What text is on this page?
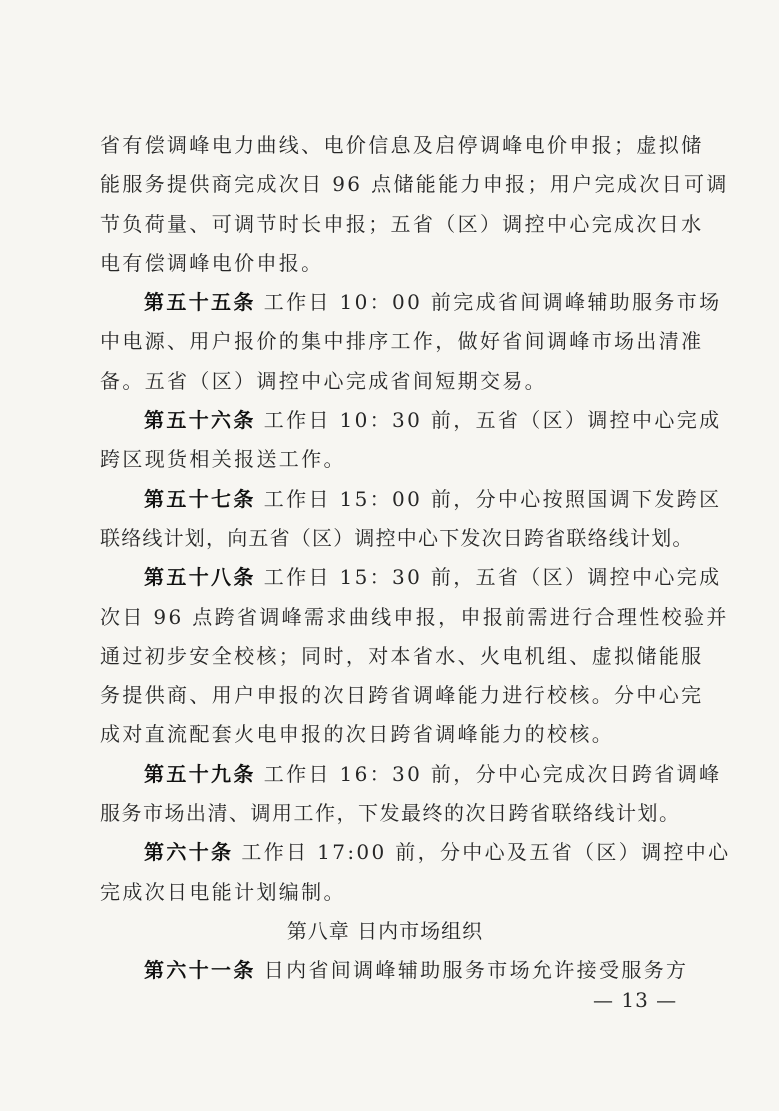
省有偿调峰电力曲线、电价信息及启停调峰电价申报；虚拟储
能服务提供商完成次日 96 点储能能力申报；用户完成次日可调
节负荷量、可调节时长申报；五省（区）调控中心完成次日水
电有偿调峰电价申报。
第五十五条 工作日 10：00 前完成省间调峰辅助服务市场
中电源、用户报价的集中排序工作，做好省间调峰市场出清准
备。五省（区）调控中心完成省间短期交易。
第五十六条 工作日 10：30 前，五省（区）调控中心完成
跨区现货相关报送工作。
第五十七条 工作日 15：00 前，分中心按照国调下发跨区
联络线计划，向五省（区）调控中心下发次日跨省联络线计划。
第五十八条 工作日 15：30 前，五省（区）调控中心完成
次日 96 点跨省调峰需求曲线申报，申报前需进行合理性校验并
通过初步安全校核；同时，对本省水、火电机组、虚拟储能服
务提供商、用户申报的次日跨省调峰能力进行校核。分中心完
成对直流配套火电申报的次日跨省调峰能力的校核。
第五十九条 工作日 16：30 前，分中心完成次日跨省调峰
服务市场出清、调用工作，下发最终的次日跨省联络线计划。
第六十条 工作日 17:00 前，分中心及五省（区）调控中心
完成次日电能计划编制。
第八章 日内市场组织
第六十一条 日内省间调峰辅助服务市场允许接受服务方
— 13 —
